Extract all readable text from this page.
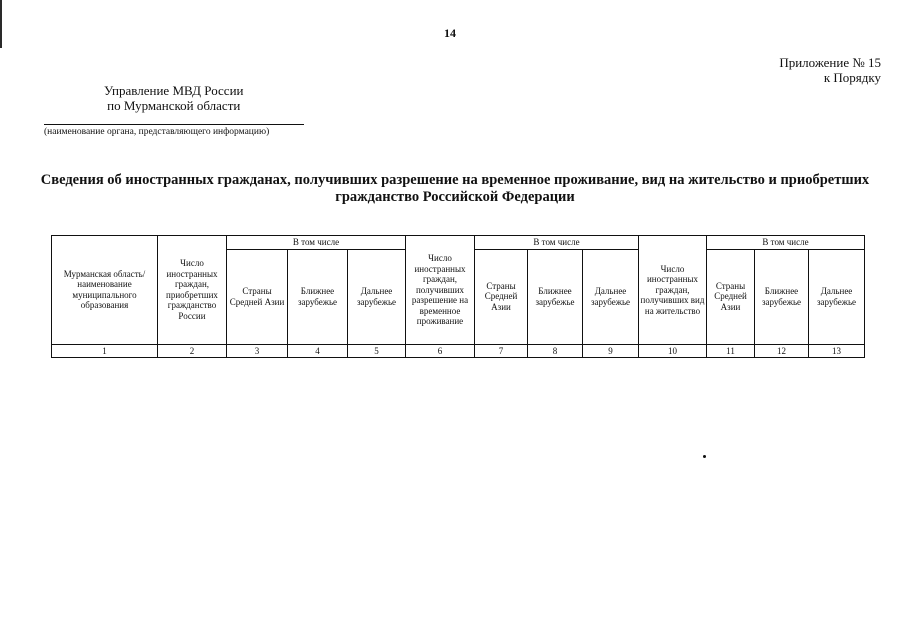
14
Приложение № 15
к Порядку
Управление МВД России
по Мурманской области
(наименование органа, представляющего информацию)
Сведения об иностранных гражданах, получивших разрешение на временное проживание, вид на жительство и приобретших гражданство Российской Федерации
Мурманская область/наименование муниципального образования	Число иностранных граждан, приобретших гражданство России	В том числе			Число иностранных граждан, получивших разрешение на временное проживание	В том числе			Число иностранных граждан, получивших вид на жительство	В том числе		
		Страны Средней Азии	Ближнее зарубежье	Дальнее зарубежье		Страны Средней Азии	Ближнее зарубежье	Дальнее зарубежье		Страны Средней Азии	Ближнее зарубежье	Дальнее зарубежье
1	2	3	4	5	6	7	8	9	10	11	12	13
